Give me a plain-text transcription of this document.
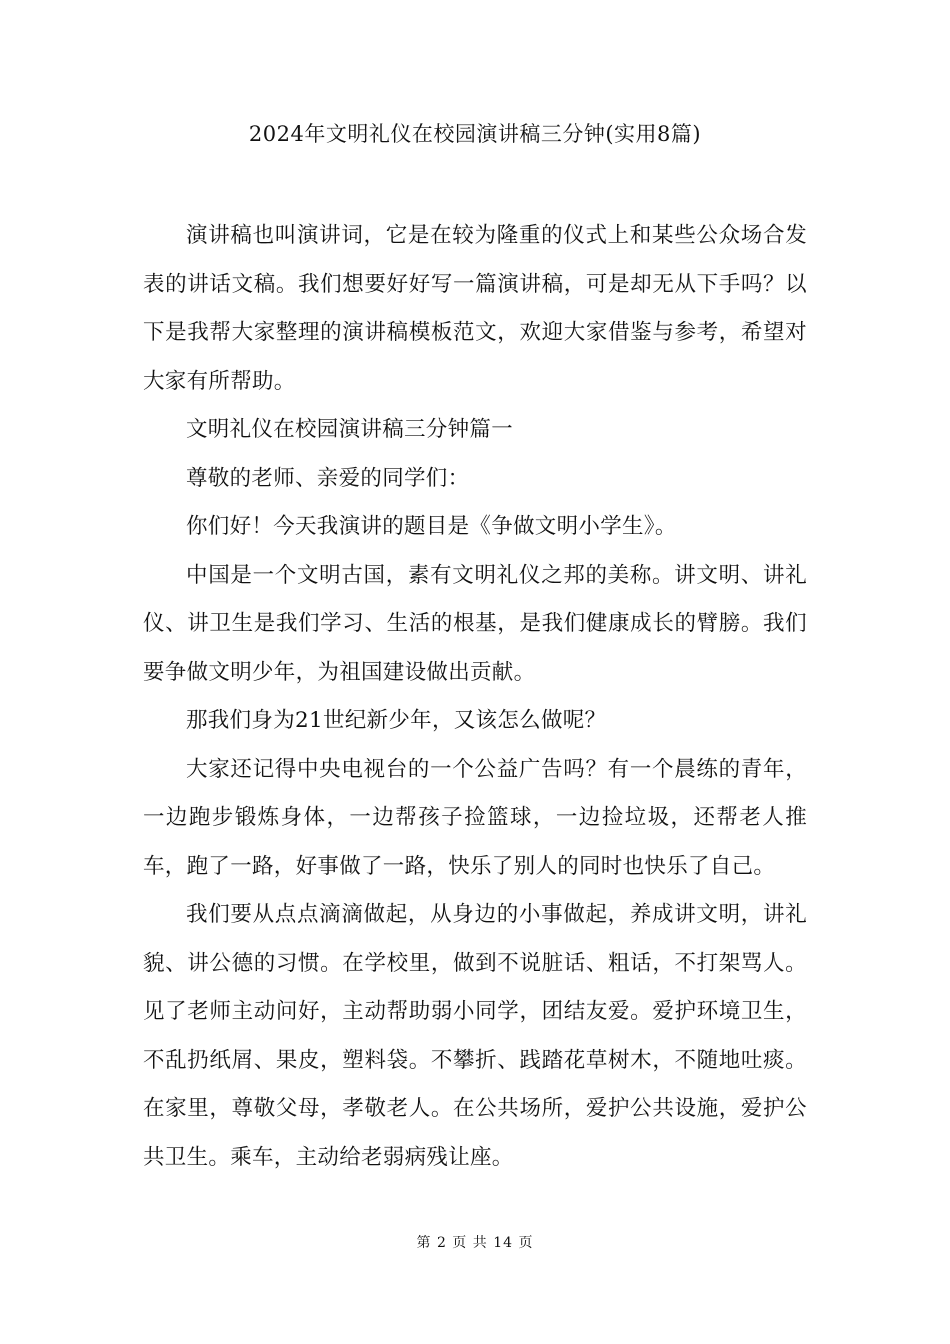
2024年文明礼仪在校园演讲稿三分钟(实用8篇)

演讲稿也叫演讲词，它是在较为隆重的仪式上和某些公众场合发表的讲话文稿。我们想要好好写一篇演讲稿，可是却无从下手吗？以下是我帮大家整理的演讲稿模板范文，欢迎大家借鉴与参考，希望对大家有所帮助。

文明礼仪在校园演讲稿三分钟篇一

尊敬的老师、亲爱的同学们：

你们好！今天我演讲的题目是《争做文明小学生》。

中国是一个文明古国，素有文明礼仪之邦的美称。讲文明、讲礼仪、讲卫生是我们学习、生活的根基，是我们健康成长的臂膀。我们要争做文明少年，为祖国建设做出贡献。

那我们身为21世纪新少年，又该怎么做呢？

大家还记得中央电视台的一个公益广告吗？有一个晨练的青年，一边跑步锻炼身体，一边帮孩子捡篮球，一边捡垃圾，还帮老人推车，跑了一路，好事做了一路，快乐了别人的同时也快乐了自己。

我们要从点点滴滴做起，从身边的小事做起，养成讲文明，讲礼貌、讲公德的习惯。在学校里，做到不说脏话、粗话，不打架骂人。见了老师主动问好，主动帮助弱小同学，团结友爱。爱护环境卫生，不乱扔纸屑、果皮，塑料袋。不攀折、践踏花草树木，不随地吐痰。在家里，尊敬父母，孝敬老人。在公共场所，爱护公共设施，爱护公共卫生。乘车，主动给老弱病残让座。

第 2 页 共 14 页
